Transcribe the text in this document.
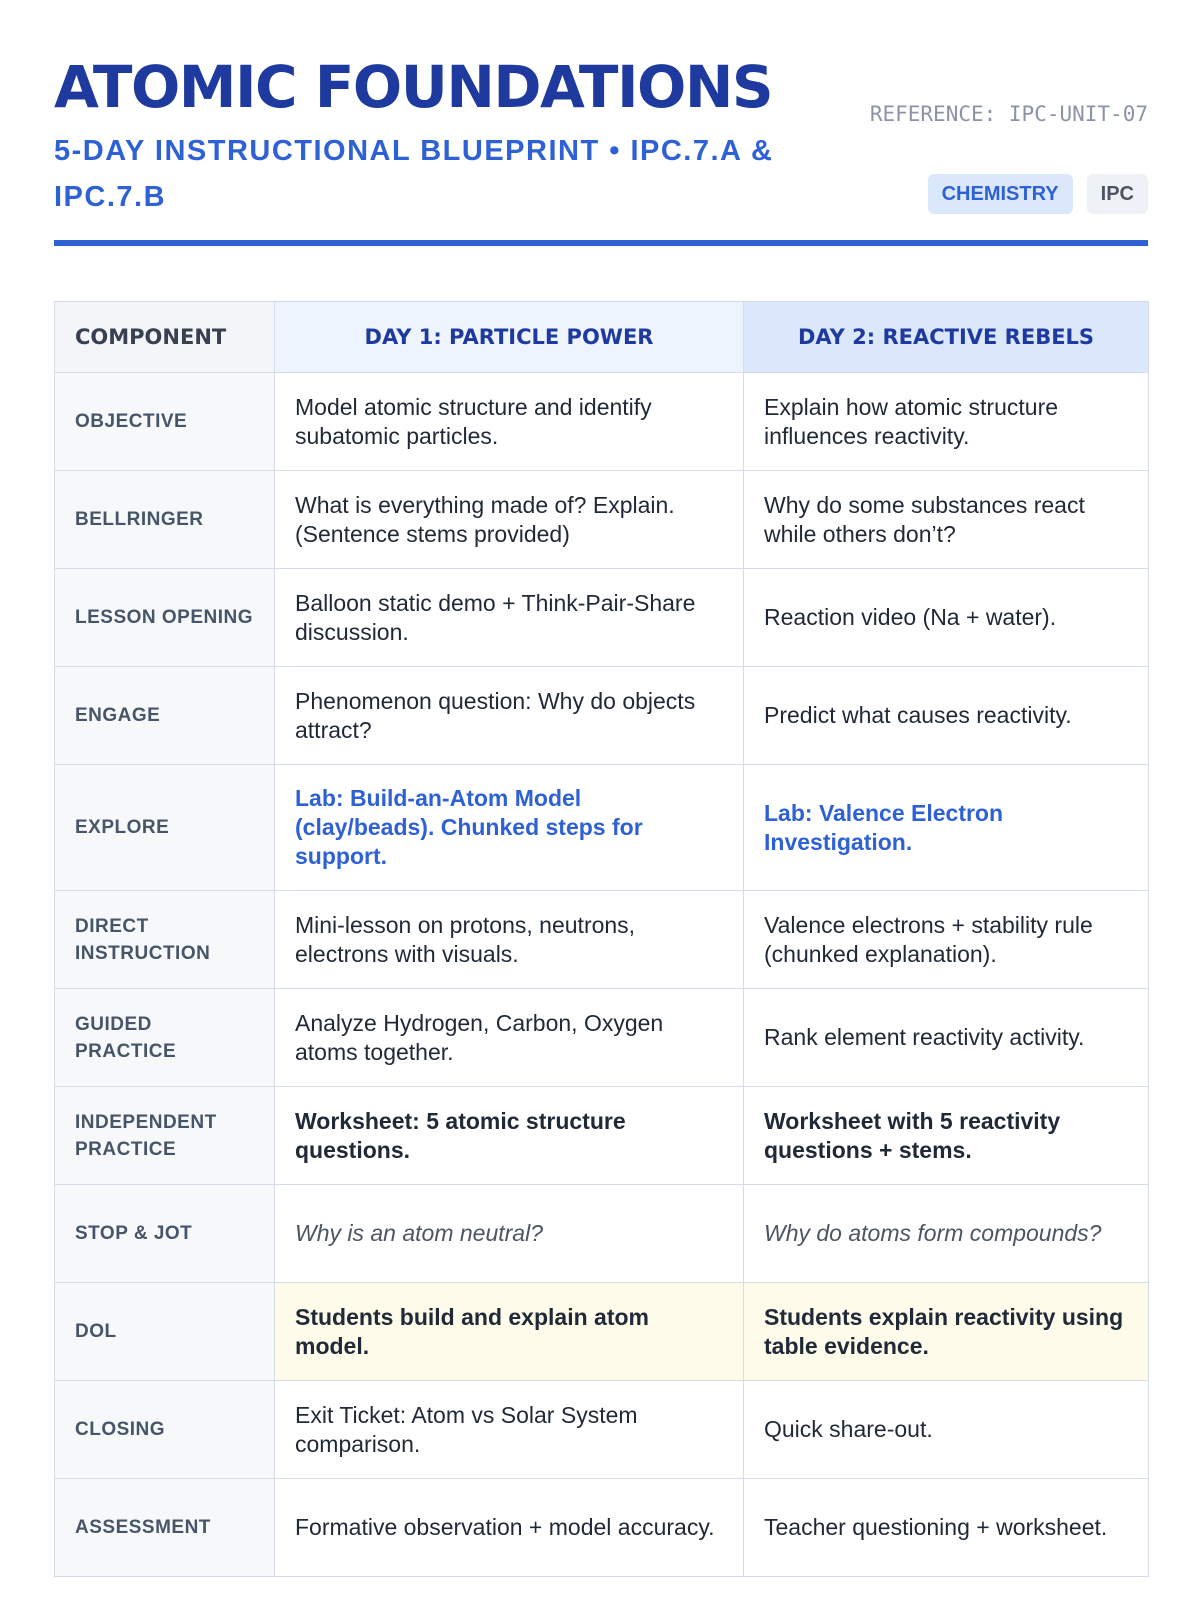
ATOMIC FOUNDATIONS
5-DAY INSTRUCTIONAL BLUEPRINT • IPC.7.A & IPC.7.B
REFERENCE: IPC-UNIT-07
CHEMISTRY	IPC
COMPONENT	DAY 1: PARTICLE POWER	DAY 2: REACTIVE REBELS
OBJECTIVE	Model atomic structure and identify subatomic particles.	Explain how atomic structure influences reactivity.
BELLRINGER	What is everything made of? Explain. (Sentence stems provided)	Why do some substances react while others don’t?
LESSON OPENING	Balloon static demo + Think-Pair-Share discussion.	Reaction video (Na + water).
ENGAGE	Phenomenon question: Why do objects attract?	Predict what causes reactivity.
EXPLORE	Lab: Build-an-Atom Model (clay/beads). Chunked steps for support.	Lab: Valence Electron Investigation.
DIRECT INSTRUCTION	Mini-lesson on protons, neutrons, electrons with visuals.	Valence electrons + stability rule (chunked explanation).
GUIDED PRACTICE	Analyze Hydrogen, Carbon, Oxygen atoms together.	Rank element reactivity activity.
INDEPENDENT PRACTICE	Worksheet: 5 atomic structure questions.	Worksheet with 5 reactivity questions + stems.
STOP & JOT	Why is an atom neutral?	Why do atoms form compounds?
DOL	Students build and explain atom model.	Students explain reactivity using table evidence.
CLOSING	Exit Ticket: Atom vs Solar System comparison.	Quick share-out.
ASSESSMENT	Formative observation + model accuracy.	Teacher questioning + worksheet.
